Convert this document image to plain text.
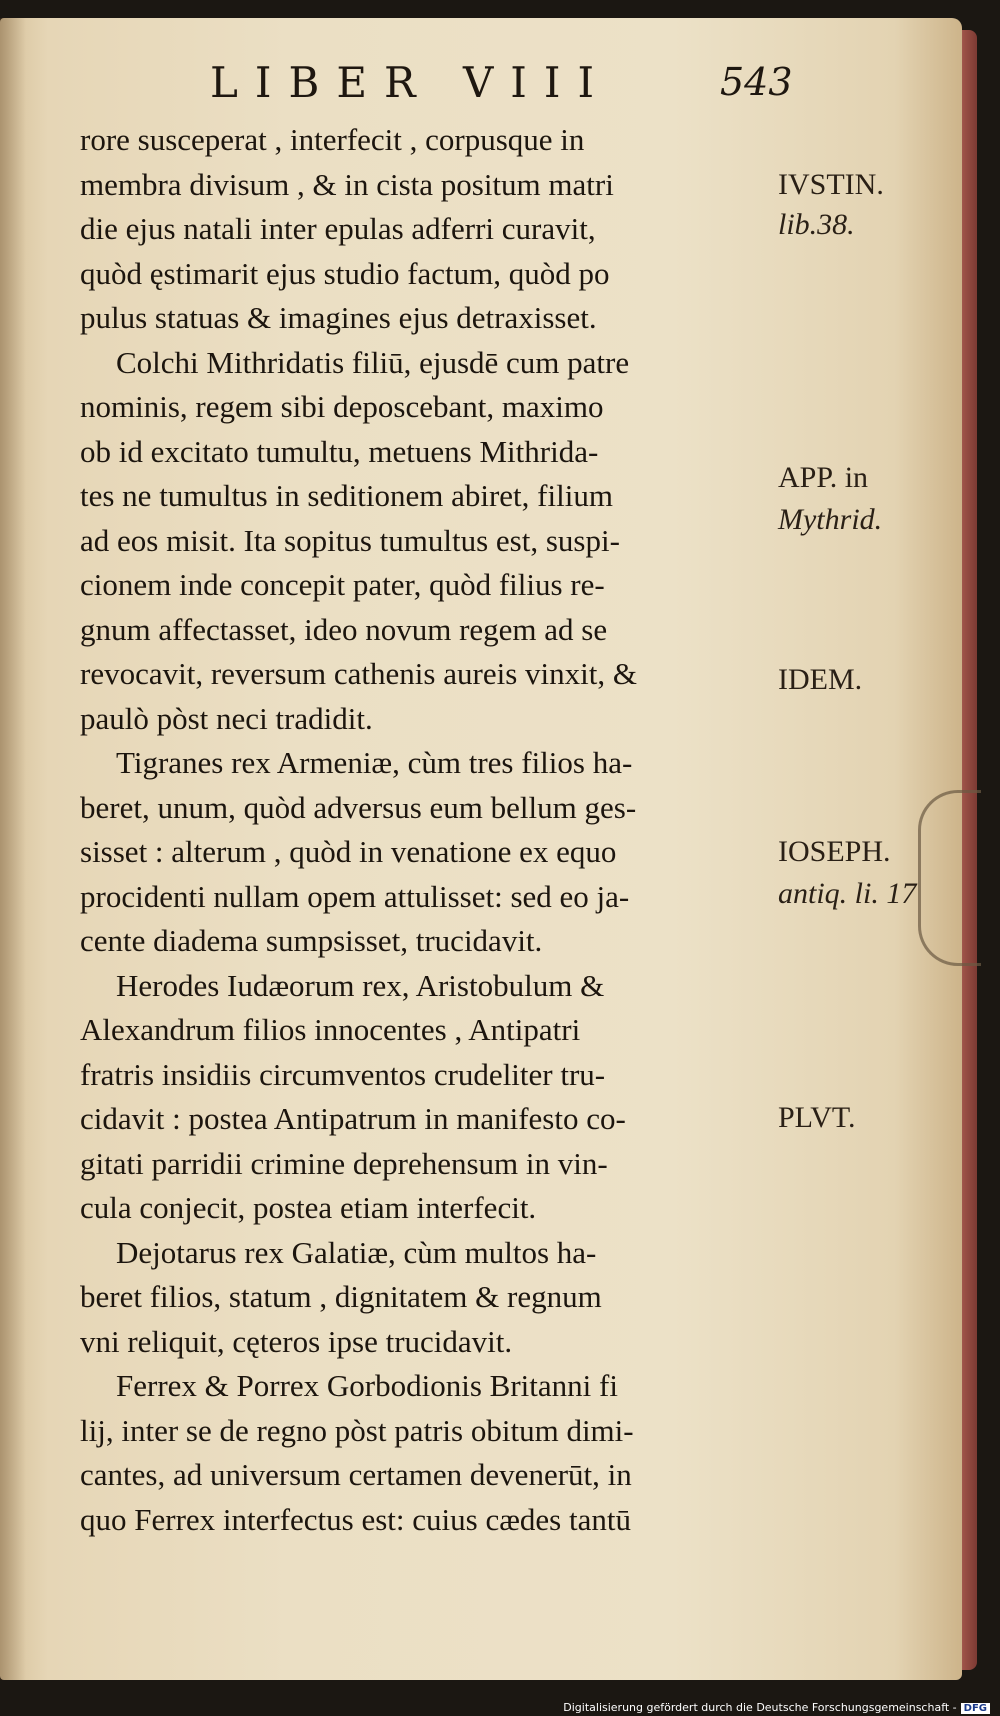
LIBER VIII	543
rore susceperat , interfecit , corpusque in
membra divisum , & in cista positum matri
die ejus natali inter epulas adferri curavit,
quòd ęstimarit ejus studio factum, quòd po
pulus statuas & imagines ejus detraxisset.
Colchi Mithridatis filiū, ejusdē cum patre
nominis, regem sibi deposcebant, maximo
ob id excitato tumultu, metuens Mithrida-
tes ne tumultus in seditionem abiret, filium
ad eos misit. Ita sopitus tumultus est, suspi-
cionem inde concepit pater, quòd filius re-
gnum affectasset, ideo novum regem ad se
revocavit, reversum cathenis aureis vinxit, &
paulò pòst neci tradidit.
Tigranes rex Armeniæ, cùm tres filios ha-
beret, unum, quòd adversus eum bellum ges-
sisset : alterum , quòd in venatione ex equo
procidenti nullam opem attulisset: sed eo ja-
cente diadema sumpsisset, trucidavit.
Herodes Iudæorum rex, Aristobulum &
Alexandrum filios innocentes , Antipatri
fratris insidiis circumventos crudeliter tru-
cidavit : postea Antipatrum in manifesto co-
gitati parridii crimine deprehensum in vin-
cula conjecit, postea etiam interfecit.
Dejotarus rex Galatiæ, cùm multos ha-
beret filios, statum , dignitatem & regnum
vni reliquit, cęteros ipse trucidavit.
Ferrex & Porrex Gorbodionis Britanni fi
lij, inter se de regno pòst patris obitum dimi-
cantes, ad universum certamen devenerūt, in
quo Ferrex interfectus est: cuius cædes tantū
IVSTIN.
lib.38.
APP. in
Mythrid.
IDEM.
IOSEPH.
antiq. li. 17
PLVT.
Digitalisierung gefördert durch die Deutsche Forschungsgemeinschaft - DFG
